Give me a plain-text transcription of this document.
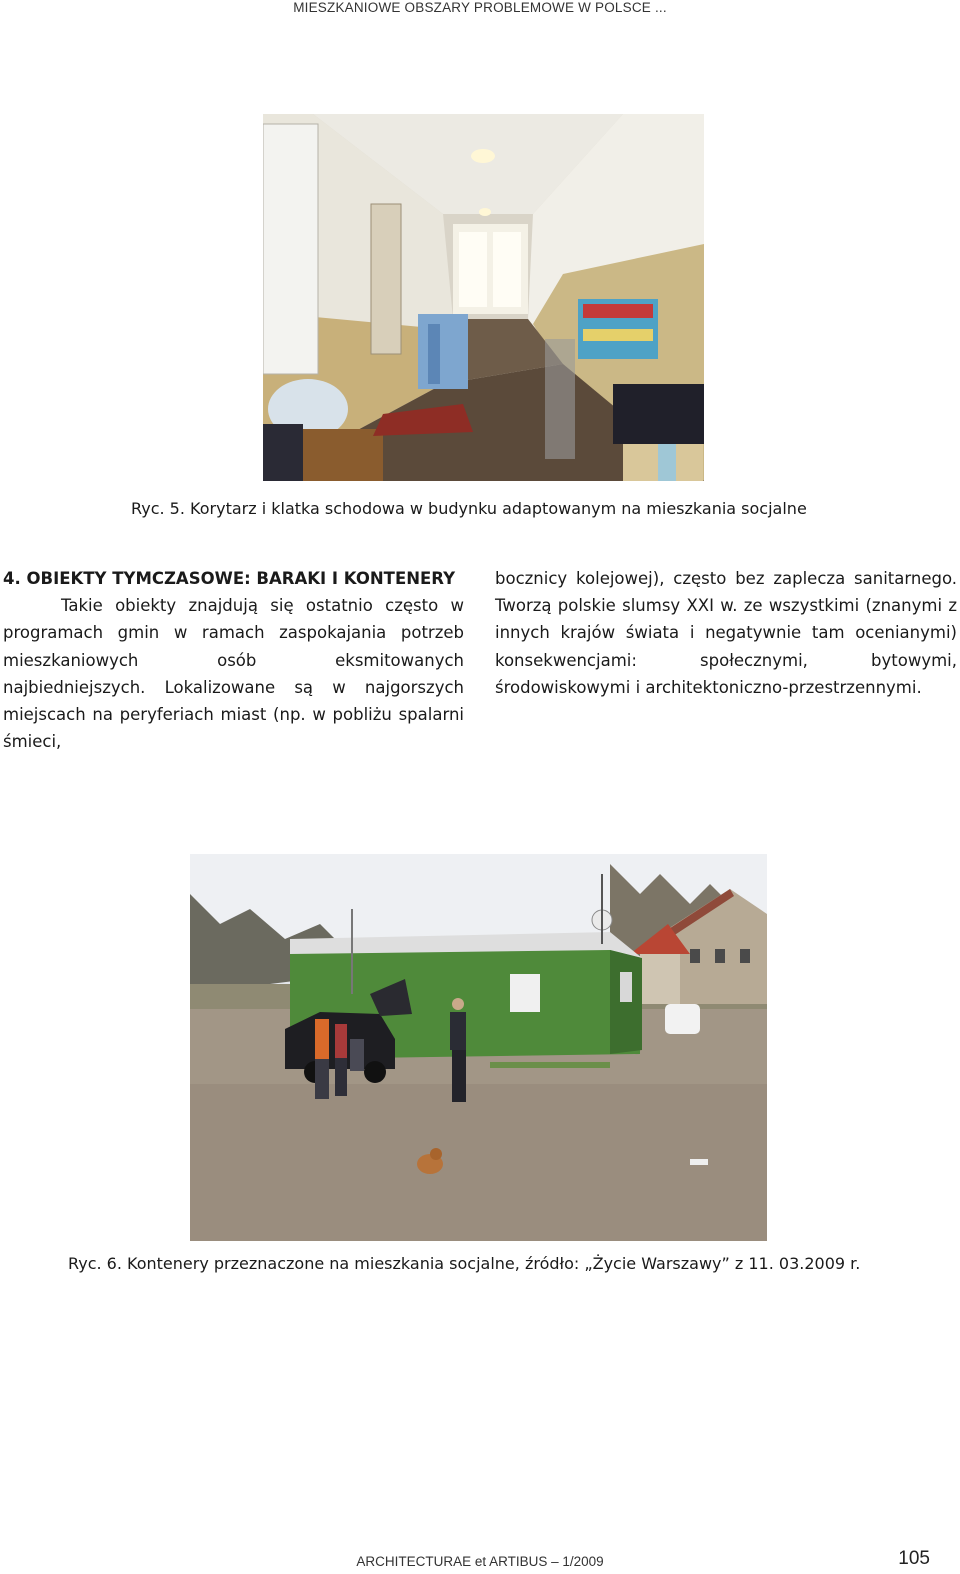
MIESZKANIOWE OBSZARY PROBLEMOWE W POLSCE ...
Ryc. 5. Korytarz i klatka schodowa w budynku adaptowanym na mieszkania socjalne

4. OBIEKTY TYMCZASOWE: BARAKI I KONTENERY

Takie obiekty znajdują się ostatnio często w programach gmin w ramach zaspokajania potrzeb mieszkaniowych osób eksmitowanych najbiedniejszych. Lokalizowane są w najgorszych miejscach na peryferiach miast (np. w pobliżu spalarni śmieci,

bocznicy kolejowej), często bez zaplecza sanitarnego. Tworzą polskie slumsy XXI w. ze wszystkimi (znanymi z innych krajów świata i negatywnie tam ocenianymi) konsekwencjami: społecznymi, bytowymi, środowiskowymi i architektoniczno-przestrzennymi.

Ryc. 6. Kontenery przeznaczone na mieszkania socjalne, źródło: „Życie Warszawy” z 11. 03.2009 r.
ARCHITECTURAE et ARTIBUS – 1/2009	105
